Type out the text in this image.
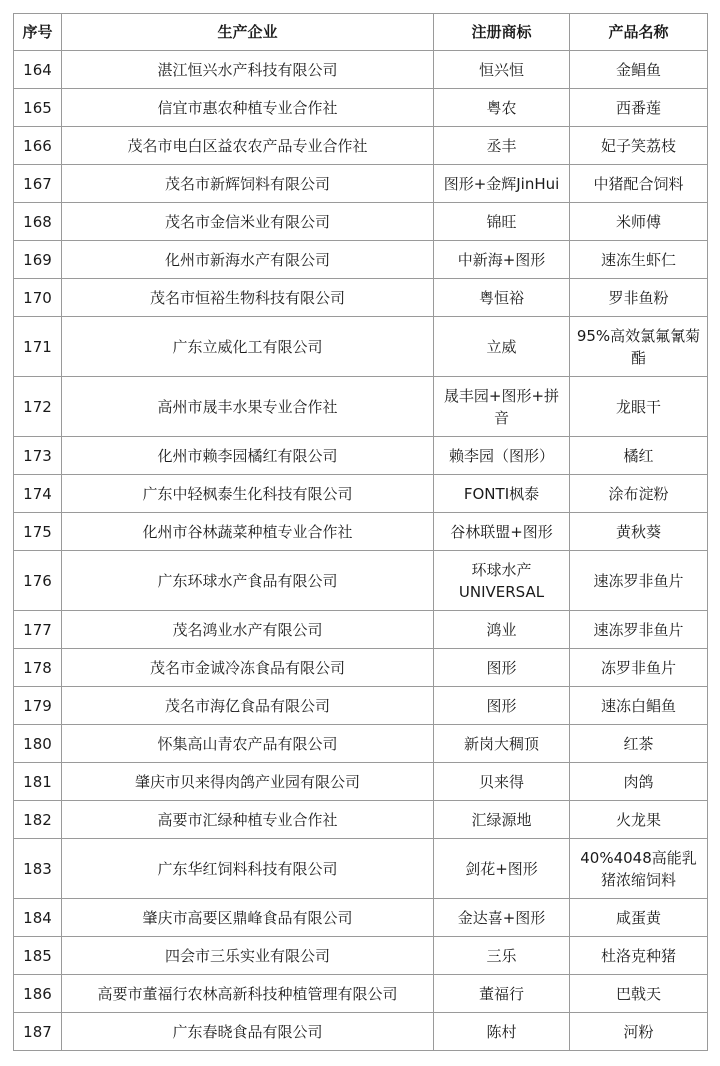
序号	生产企业	注册商标	产品名称
164	湛江恒兴水产科技有限公司	恒兴恒	金鲳鱼
165	信宜市惠农种植专业合作社	粤农	西番莲
166	茂名市电白区益农农产品专业合作社	丞丰	妃子笑荔枝
167	茂名市新辉饲料有限公司	图形+金辉JinHui	中猪配合饲料
168	茂名市金信米业有限公司	锦旺	米师傅
169	化州市新海水产有限公司	中新海+图形	速冻生虾仁
170	茂名市恒裕生物科技有限公司	粤恒裕	罗非鱼粉
171	广东立威化工有限公司	立威	95%高效氯氟氰菊酯
172	高州市晟丰水果专业合作社	晟丰园+图形+拼音	龙眼干
173	化州市赖李园橘红有限公司	赖李园（图形）	橘红
174	广东中轻枫泰生化科技有限公司	FONTI枫泰	涂布淀粉
175	化州市谷林蔬菜种植专业合作社	谷林联盟+图形	黄秋葵
176	广东环球水产食品有限公司	环球水产UNIVERSAL	速冻罗非鱼片
177	茂名鸿业水产有限公司	鸿业	速冻罗非鱼片
178	茂名市金诚冷冻食品有限公司	图形	冻罗非鱼片
179	茂名市海亿食品有限公司	图形	速冻白鲳鱼
180	怀集高山青农产品有限公司	新岗大稠顶	红茶
181	肇庆市贝来得肉鸽产业园有限公司	贝来得	肉鸽
182	高要市汇绿种植专业合作社	汇绿源地	火龙果
183	广东华红饲料科技有限公司	剑花+图形	40%4048高能乳猪浓缩饲料
184	肇庆市高要区鼎峰食品有限公司	金达喜+图形	咸蛋黄
185	四会市三乐实业有限公司	三乐	杜洛克种猪
186	高要市董福行农林高新科技种植管理有限公司	董福行	巴戟天
187	广东春晓食品有限公司	陈村	河粉
